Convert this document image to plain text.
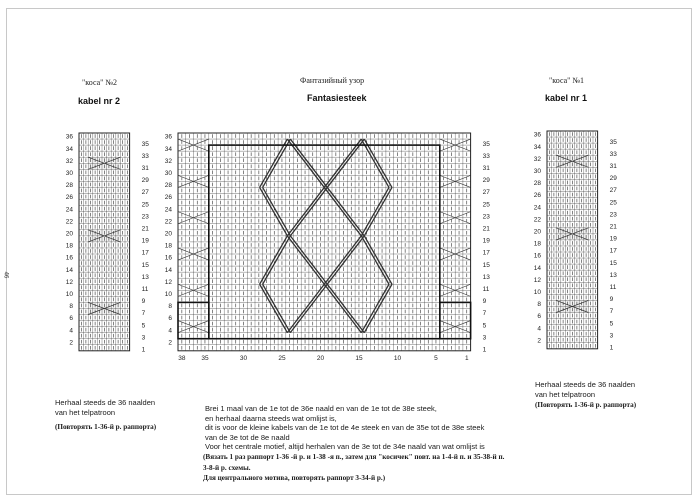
46
"коса" №2
kabel nr 2
Фантазийный узор
Fantasiesteek
"коса" №1
kabel nr 1
36
34
32
30
28
26
24
22
20
18
16
14
12
10
8
6
4
2
35
33
31
29
27
25
23
21
19
17
15
13
11
9
7
5
3
1
36
34
32
30
28
26
24
22
20
18
16
14
12
10
8
6
4
2
35
33
31
29
27
25
23
21
19
17
15
13
11
9
7
5
3
1
38 35	30	25	20	15	10	5	1
36
34
32
30
28
26
24
22
20
18
16
14
12
10
8
6
4
2
35
33
31
29
27
25
23
21
19
17
15
13
11
9
7
5
3
1
Herhaal steeds de 36 naalden
van het telpatroon
(Повторять 1-36-й р. раппорта)
Herhaal steeds de 36 naalden
van het telpatroon
(Повторять 1-36-й р. раппорта)
Brei 1 maal van de 1e tot de 36e naald en van de 1e tot de 38e steek,
en herhaal daarna steeds wat omlijst is,
dit is voor de kleine kabels van de 1e tot de 4e steek en van de 35e tot de 38e steek
van de 3e tot de 8e naald
Voor het centrale motief, altijd herhalen van de 3e tot de 34e naald van wat omlijst is
(Вязать 1 раз раппорт 1-36 -й р. и 1-38 -я п., затем для "косичек" повт. на 1-4-й п. и 35-38-й п.
3-8-й р. схемы.
Для центрального мотива, повторять раппорт 3-34-й р.)
